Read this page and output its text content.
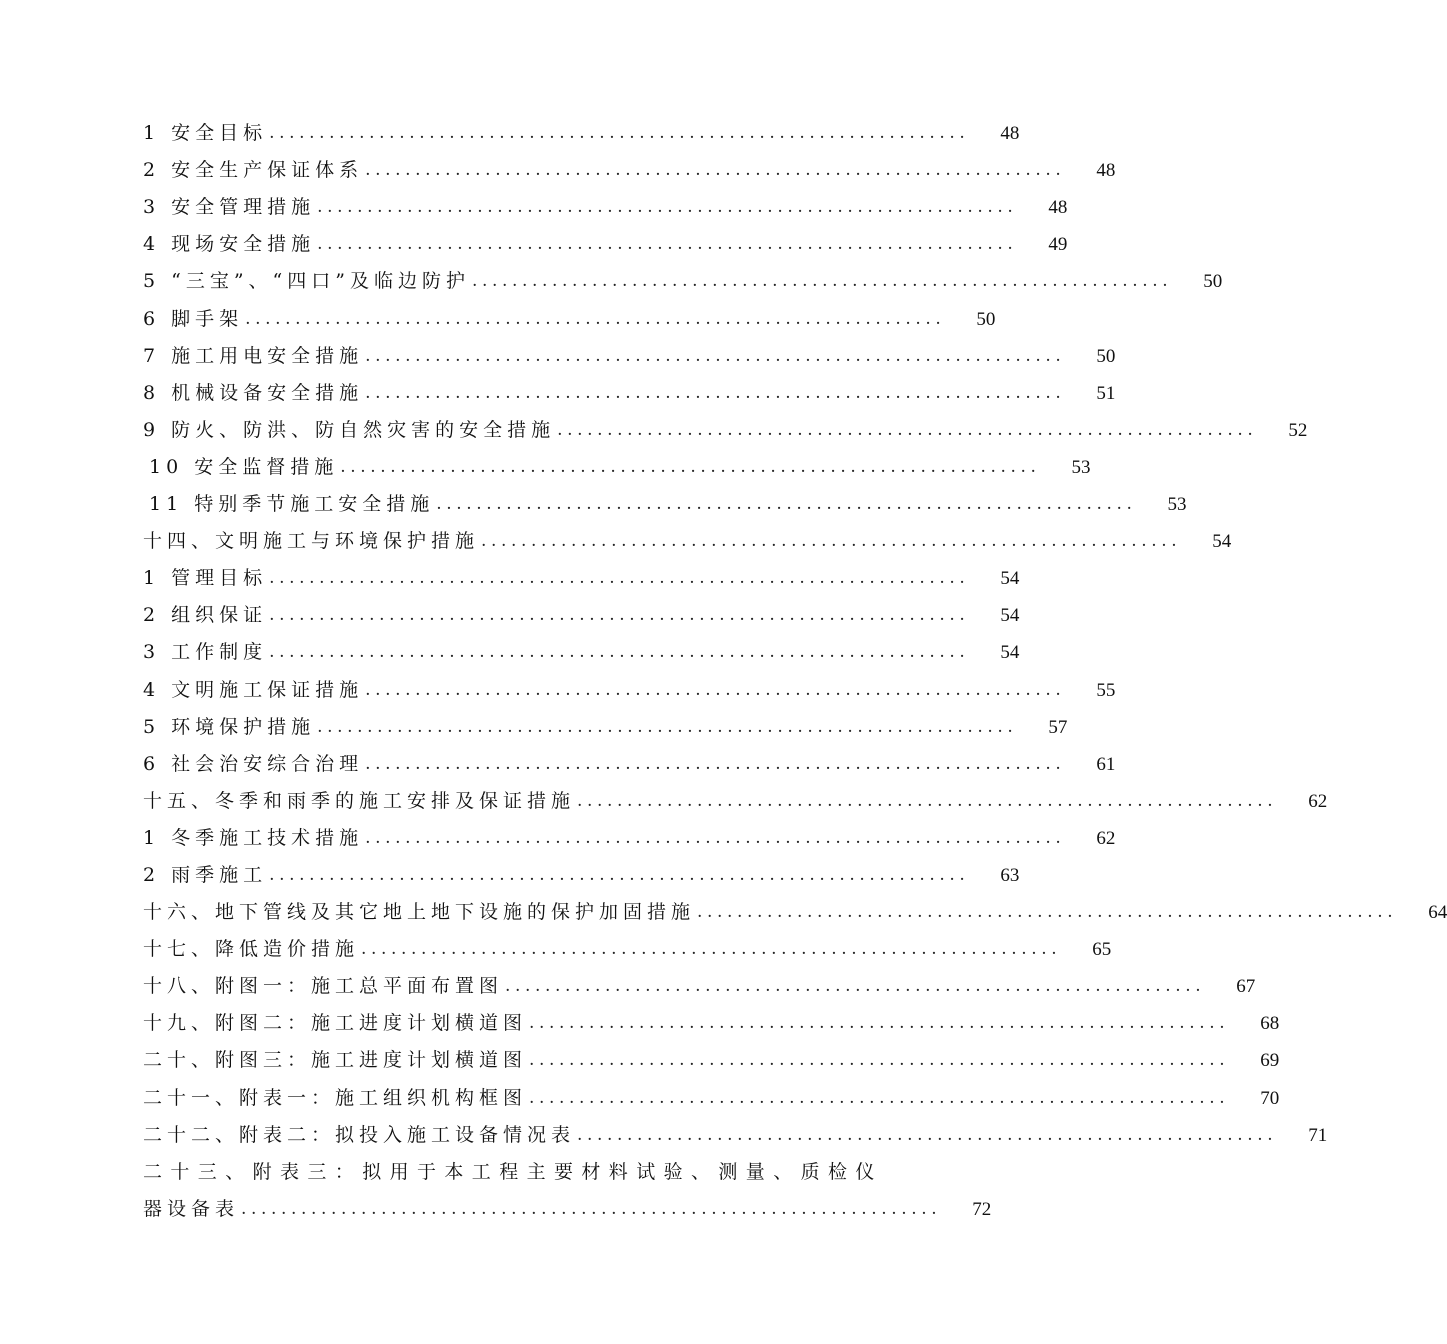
1 安全目标 ...................................................................... 48
2 安全生产保证体系 ...................................................................... 48
3 安全管理措施 ...................................................................... 48
4 现场安全措施 ...................................................................... 49
5 “三宝”、“四口”及临边防护 ...................................................................... 50
6 脚手架 ...................................................................... 50
7 施工用电安全措施 ...................................................................... 50
8 机械设备安全措施 ...................................................................... 51
9 防火、防洪、防自然灾害的安全措施 ...................................................................... 52
10 安全监督措施 ...................................................................... 53
11 特别季节施工安全措施 ...................................................................... 53
十四、文明施工与环境保护措施 ...................................................................... 54
1 管理目标 ...................................................................... 54
2 组织保证 ...................................................................... 54
3 工作制度 ...................................................................... 54
4 文明施工保证措施 ...................................................................... 55
5 环境保护措施 ...................................................................... 57
6 社会治安综合治理 ...................................................................... 61
十五、冬季和雨季的施工安排及保证措施 ...................................................................... 62
1 冬季施工技术措施 ...................................................................... 62
2 雨季施工 ...................................................................... 63
十六、地下管线及其它地上地下设施的保护加固措施 ...................................................................... 64
十七、降低造价措施 ...................................................................... 65
十八、附图一：施工总平面布置图 ...................................................................... 67
十九、附图二：施工进度计划横道图 ...................................................................... 68
二十、附图三：施工进度计划横道图 ...................................................................... 69
二十一、附表一：施工组织机构框图 ...................................................................... 70
二十二、附表二：拟投入施工设备情况表 ...................................................................... 71
二十三、附表三：拟用于本工程主要材料试验、测量、质检仪
器设备表 ...................................................................... 72
